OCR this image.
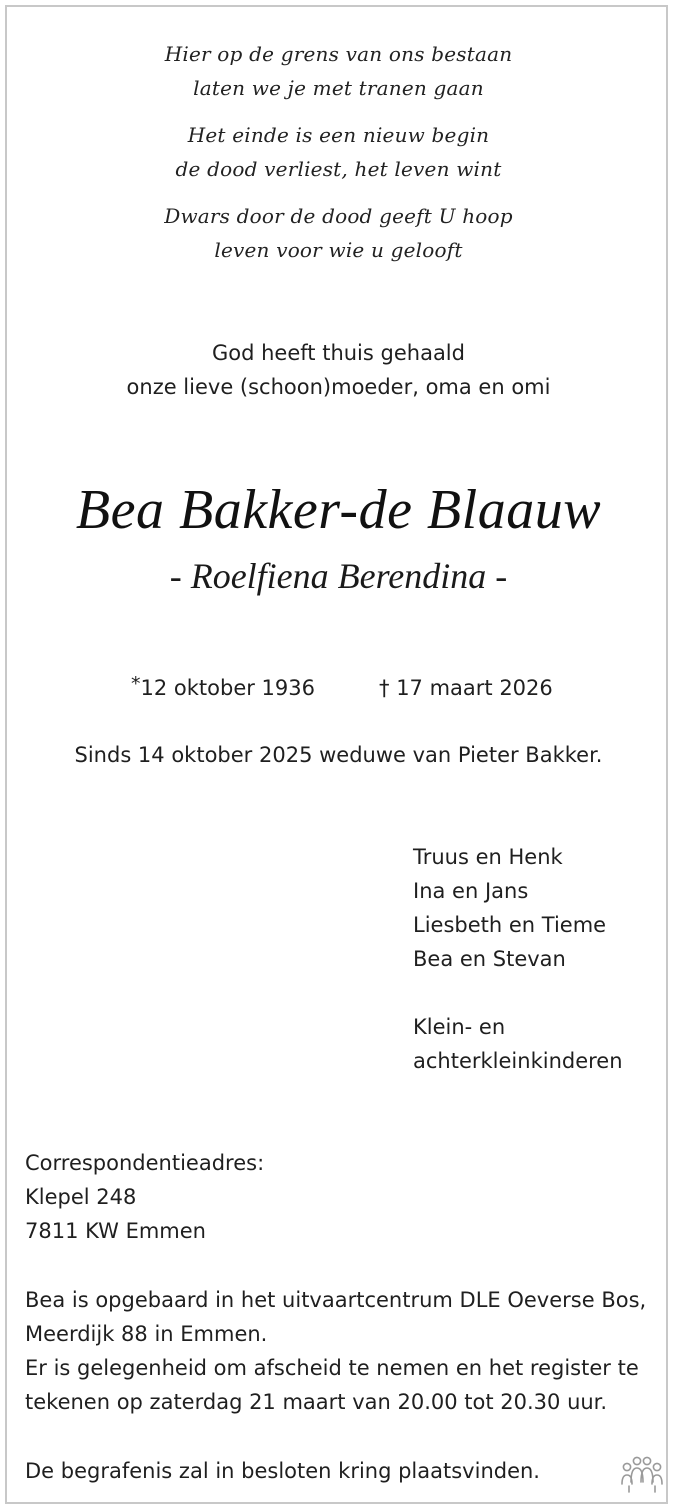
Hier op de grens van ons bestaan
laten we je met tranen gaan
Het einde is een nieuw begin
de dood verliest, het leven wint
Dwars door de dood geeft U hoop
leven voor wie u gelooft
God heeft thuis gehaald
onze lieve (schoon)moeder, oma en omi
Bea Bakker-de Blaauw
- Roelfiena Berendina -
*12 oktober 1936	† 17 maart 2026
Sinds 14 oktober 2025 weduwe van Pieter Bakker.
Truus en Henk
Ina en Jans
Liesbeth en Tieme
Bea en Stevan
Klein- en
achterkleinkinderen
Correspondentieadres:
Klepel 248
7811 KW Emmen
Bea is opgebaard in het uitvaartcentrum DLE Oeverse Bos,
Meerdijk 88 in Emmen.
Er is gelegenheid om afscheid te nemen en het register te
tekenen op zaterdag 21 maart van 20.00 tot 20.30 uur.
De begrafenis zal in besloten kring plaatsvinden.
